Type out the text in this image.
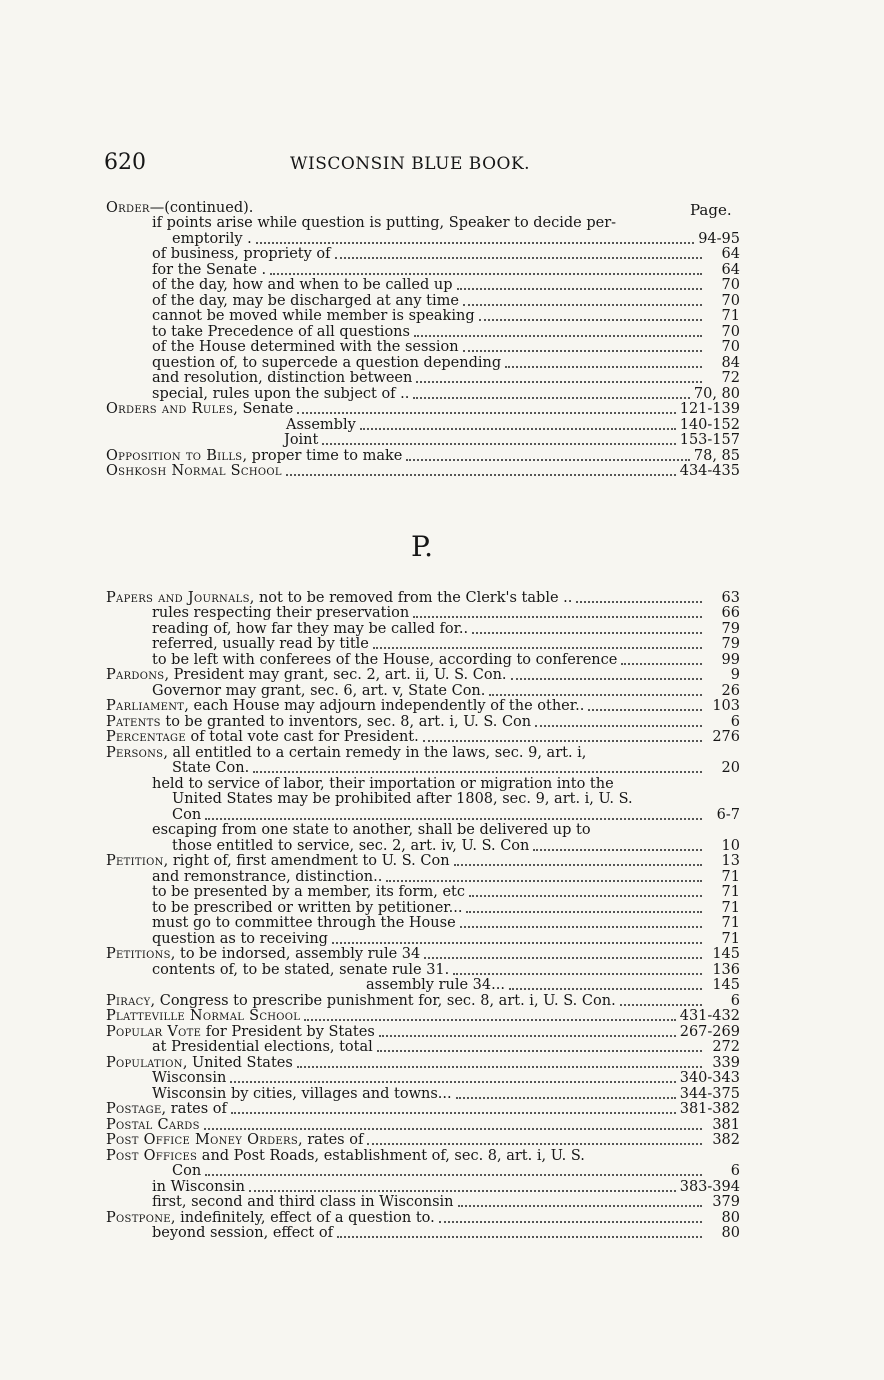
620	WISCONSIN BLUE BOOK.
Page.
Order—(continued).
if points arise while question is putting, Speaker to decide per-
emptorily .	94-95
of business, propriety of	64
for the Senate .	64
of the day, how and when to be called up	70
of the day, may be discharged at any time	70
cannot be moved while member is speaking	71
to take Precedence of all questions	70
of the House determined with the session	70
question of, to supercede a question depending	84
and resolution, distinction between	72
special, rules upon the subject of ..	70, 80
Orders and Rules, Senate	121-139
Assembly	140-152
Joint	153-157
Opposition to Bills, proper time to make	78, 85
Oshkosh Normal School	434-435
P.
Papers and Journals, not to be removed from the Clerk's table ..	63
rules respecting their preservation	66
reading of, how far they may be called for..	79
referred, usually read by title	79
to be left with conferees of the House, according to conference	99
Pardons, President may grant, sec. 2, art. ii, U. S. Con.	9
Governor may grant, sec. 6, art. v, State Con.	26
Parliament, each House may adjourn independently of the other..	103
Patents to be granted to inventors, sec. 8, art. i, U. S. Con	6
Percentage of total vote cast for President.	276
Persons, all entitled to a certain remedy in the laws, sec. 9, art. i,
State Con.	20
held to service of labor, their importation or migration into the
United States may be prohibited after 1808, sec. 9, art. i, U. S.
Con	6-7
escaping from one state to another, shall be delivered up to
those entitled to service, sec. 2, art. iv, U. S. Con	10
Petition, right of, first amendment to U. S. Con	13
and remonstrance, distinction..	71
to be presented by a member, its form, etc	71
to be prescribed or written by petitioner...	71
must go to committee through the House	71
question as to receiving	71
Petitions, to be indorsed, assembly rule 34	145
contents of, to be stated, senate rule 31.	136
assembly rule 34...	145
Piracy, Congress to prescribe punishment for, sec. 8, art. i, U. S. Con.	6
Platteville Normal School	431-432
Popular Vote for President by States	267-269
at Presidential elections, total	272
Population, United States	339
Wisconsin	340-343
Wisconsin by cities, villages and towns...	344-375
Postage, rates of	381-382
Postal Cards	381
Post Office Money Orders, rates of	382
Post Offices and Post Roads, establishment of, sec. 8, art. i, U. S.
Con	6
in Wisconsin	383-394
first, second and third class in Wisconsin	379
Postpone, indefinitely, effect of a question to.	80
beyond session, effect of	80
